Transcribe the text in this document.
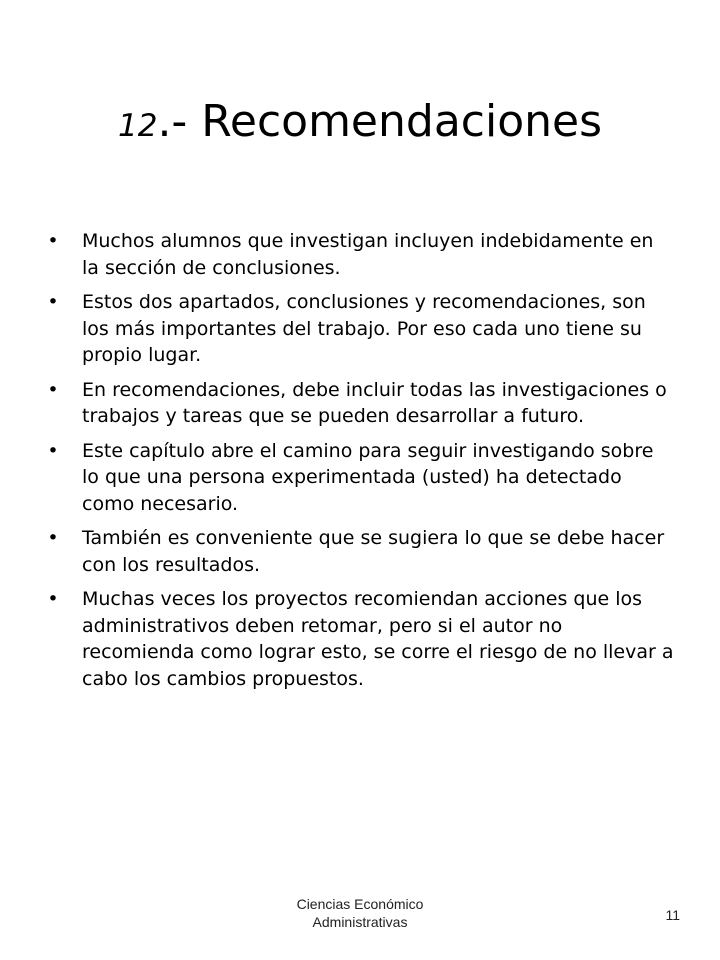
12.- Recomendaciones
• Muchos alumnos que investigan incluyen indebidamente en la sección de conclusiones.
• Estos dos apartados, conclusiones y recomendaciones, son los más importantes del trabajo. Por eso cada uno tiene su propio lugar.
• En recomendaciones, debe incluir todas las investigaciones o trabajos y tareas que se pueden desarrollar a futuro.
• Este capítulo abre el camino para seguir investigando sobre lo que una persona experimentada (usted) ha detectado como necesario.
• También es conveniente que se sugiera lo que se debe hacer con los resultados.
• Muchas veces los proyectos recomiendan acciones que los administrativos deben retomar, pero si el autor no recomienda como lograr esto, se corre el riesgo de no llevar a cabo los cambios propuestos.
Ciencias Económico
Administrativas	11
